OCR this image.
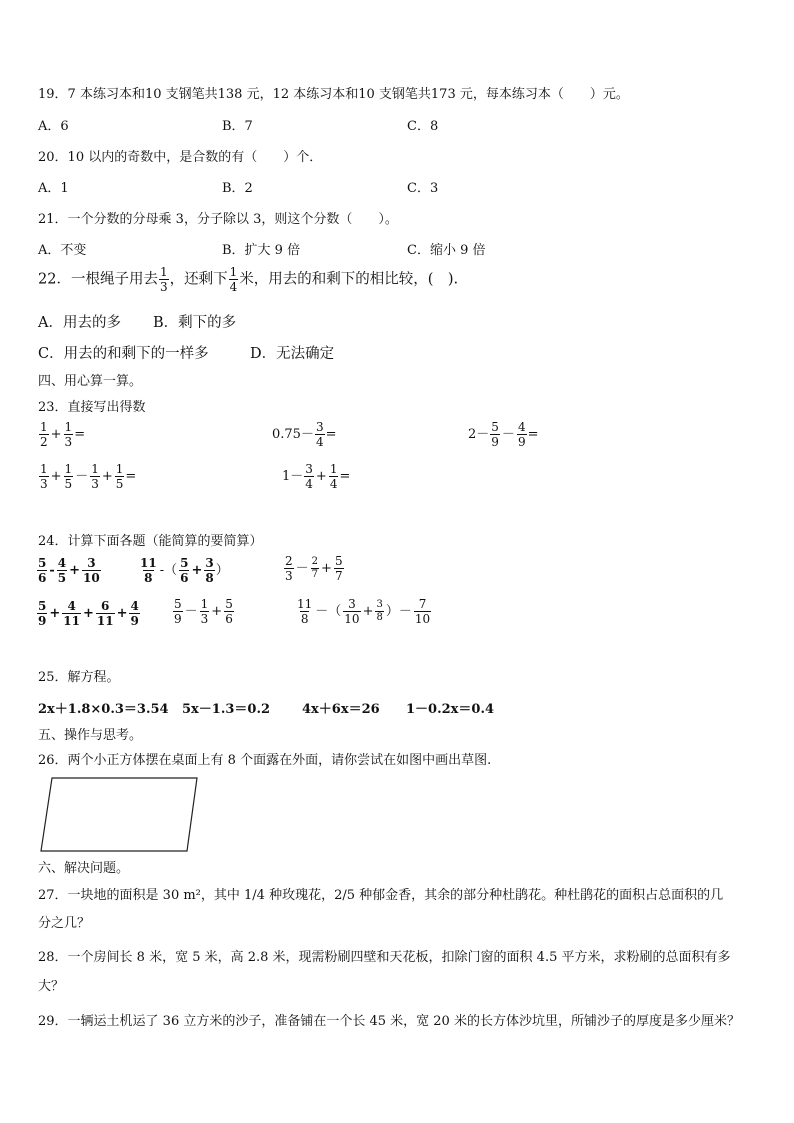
19．7 本练习本和10 支钢笔共138 元，12 本练习本和10 支钢笔共173 元，每本练习本（　　）元。
A．6	B．7	C．8
20．10 以内的奇数中，是合数的有（　　）个．
A．1	B．2	C．3
21．一个分数的分母乘 3，分子除以 3，则这个分数（　　）。
A．不变	B．扩大 9 倍	C．缩小 9 倍
22．一根绳子用去 $\frac{1}{3}$ ，还剩下 $\frac{1}{4}$ 米，用去的和剩下的相比较，(　).
A．用去的多 B．剩下的多
C．用去的和剩下的一样多	D．无法确定
四、用心算一算。
23．直接写出得数
$\frac{1}{2} + \frac{1}{3}$ =	$0.75- \frac{3}{4}$ =	$2- \frac{5}{9} - \frac{4}{9}$ =
$\frac{1}{3} + \frac{1}{5} - \frac{1}{3} + \frac{1}{5}$ =	$1- \frac{3}{4} + \frac{1}{4}$ =
24．计算下面各题（能简算的要简算）
$\frac{5}{6} - \frac{4}{5} + \frac{3}{10}$	$\frac{11}{8}$ -（ $\frac{5}{6} + \frac{3}{8}$ ）	$\frac{2}{3} - \frac{2}{7} + \frac{5}{7}$
$\frac{5}{9} + \frac{4}{11} + \frac{6}{11} + \frac{4}{9}$	$\frac{5}{9} - \frac{1}{3} + \frac{5}{6}$	$\frac{11}{8}$ －（ $\frac{3}{10} + \frac{3}{8}$ ）－ $\frac{7}{10}$
25．解方程。
2x＋1.8×0.3＝3.54 5x－1.3＝0.2 4x＋6x＝26 1－0.2x＝0.4
五、操作与思考。
26．两个小正方体摆在桌面上有 8 个面露在外面，请你尝试在如图中画出草图.
六、解决问题。
27．一块地的面积是 30 m²，其中 1/4 种玫瑰花，2/5 种郁金香，其余的部分种杜鹃花。种杜鹃花的面积占总面积的几
分之几？
28．一个房间长 8 米，宽 5 米，高 2.8 米，现需粉刷四壁和天花板，扣除门窗的面积 4.5 平方米，求粉刷的总面积有多
大？
29．一辆运土机运了 36 立方米的沙子，准备铺在一个长 45 米，宽 20 米的长方体沙坑里，所铺沙子的厚度是多少厘米？
